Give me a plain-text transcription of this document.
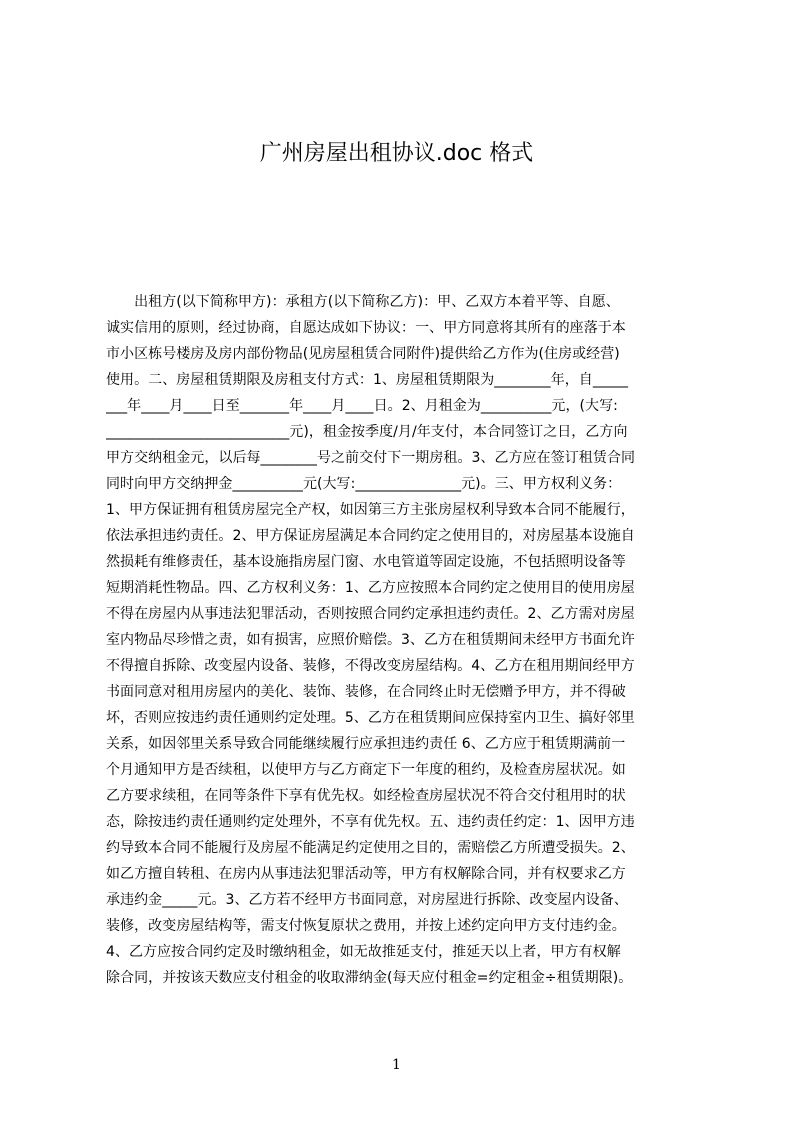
广州房屋出租协议.doc 格式
　　出租方(以下简称甲方)：承租方(以下简称乙方)：甲、乙双方本着平等、自愿、
诚实信用的原则，经过协商，自愿达成如下协议：一、甲方同意将其所有的座落于本
市小区栋号楼房及房内部份物品(见房屋租赁合同附件)提供给乙方作为(住房或经营)
使用。二、房屋租赁期限及房租支付方式：1、房屋租赁期限为________年，自_____
___年____月____日至_______年____月____日。2、月租金为__________元，(大写:
__________________________元)，租金按季度/月/年支付，本合同签订之日，乙方向
甲方交纳租金元，以后每________号之前交付下一期房租。3、乙方应在签订租赁合同
同时向甲方交纳押金__________元(大写:_______________元)。三、甲方权利义务：
1、甲方保证拥有租赁房屋完全产权，如因第三方主张房屋权利导致本合同不能履行，
依法承担违约责任。2、甲方保证房屋满足本合同约定之使用目的，对房屋基本设施自
然损耗有维修责任，基本设施指房屋门窗、水电管道等固定设施，不包括照明设备等
短期消耗性物品。四、乙方权利义务：1、乙方应按照本合同约定之使用目的使用房屋
不得在房屋内从事违法犯罪活动，否则按照合同约定承担违约责任。2、乙方需对房屋
室内物品尽珍惜之责，如有损害，应照价赔偿。3、乙方在租赁期间未经甲方书面允许
不得擅自拆除、改变屋内设备、装修，不得改变房屋结构。4、乙方在租用期间经甲方
书面同意对租用房屋内的美化、装饰、装修，在合同终止时无偿赠予甲方，并不得破
坏，否则应按违约责任通则约定处理。5、乙方在租赁期间应保持室内卫生、搞好邻里
关系，如因邻里关系导致合同能继续履行应承担违约责任 6、乙方应于租赁期满前一
个月通知甲方是否续租，以使甲方与乙方商定下一年度的租约，及检查房屋状况。如
乙方要求续租，在同等条件下享有优先权。如经检查房屋状况不符合交付租用时的状
态，除按违约责任通则约定处理外，不享有优先权。五、违约责任约定：1、因甲方违
约导致本合同不能履行及房屋不能满足约定使用之目的，需赔偿乙方所遭受损失。2、
如乙方擅自转租、在房内从事违法犯罪活动等，甲方有权解除合同，并有权要求乙方
承违约金_____元。3、乙方若不经甲方书面同意，对房屋进行拆除、改变屋内设备、
装修，改变房屋结构等，需支付恢复原状之费用，并按上述约定向甲方支付违约金。
4、乙方应按合同约定及时缴纳租金，如无故推延支付，推延天以上者，甲方有权解
除合同，并按该天数应支付租金的收取滞纳金(每天应付租金=约定租金÷租赁期限)。
1
